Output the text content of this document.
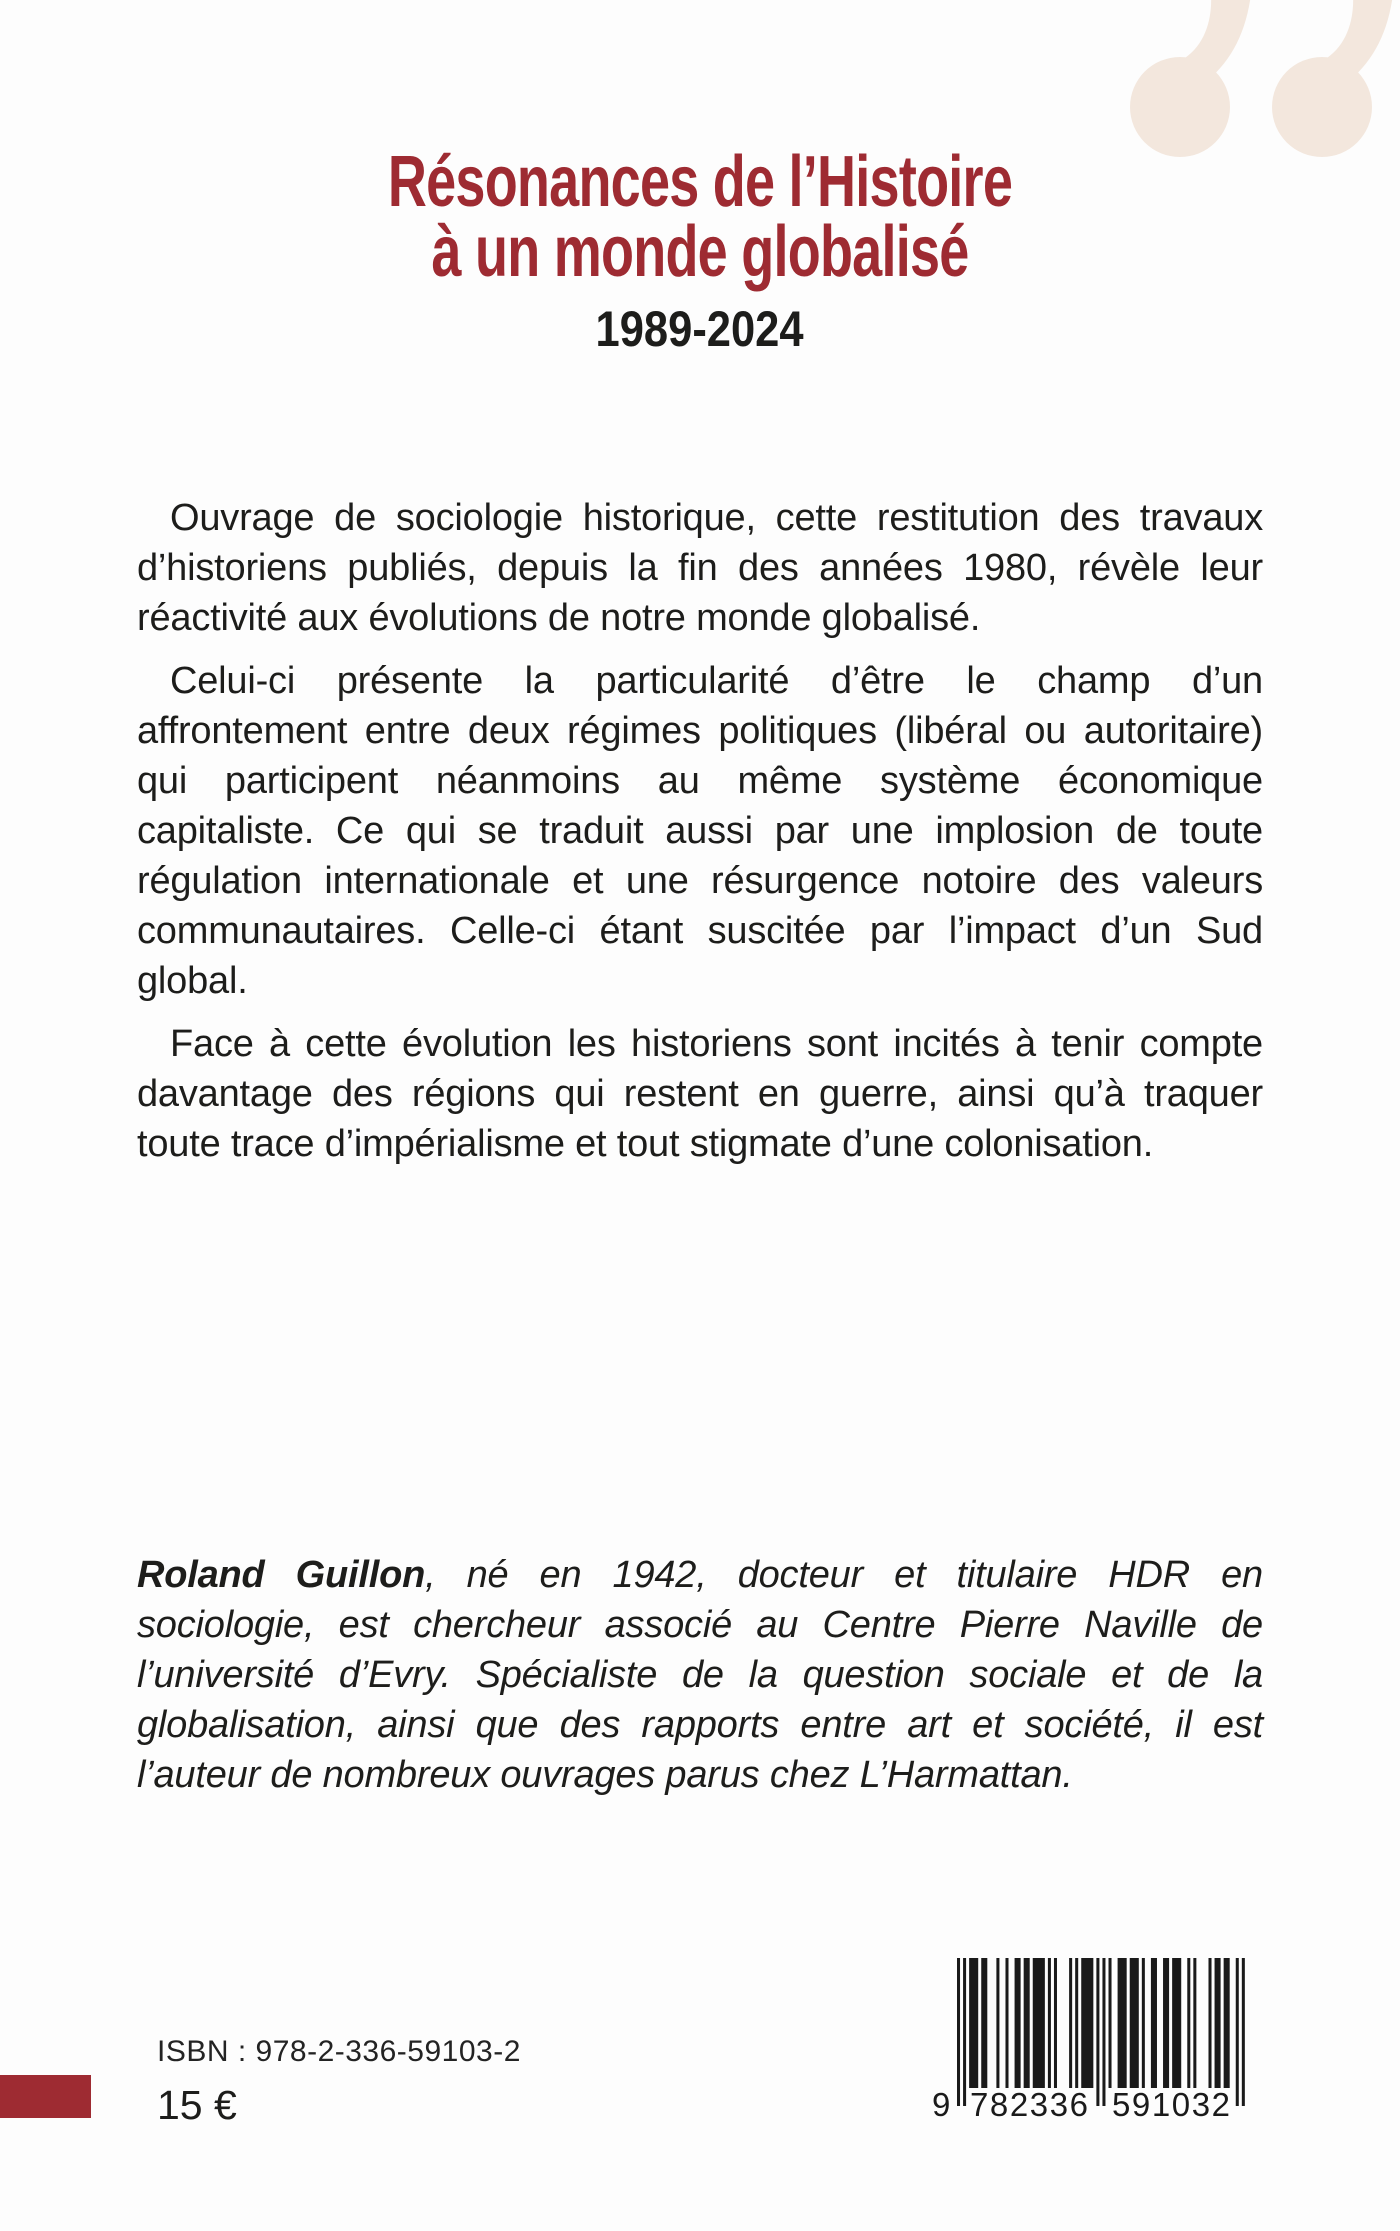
Résonances de l’Histoire
à un monde globalisé
1989-2024

Ouvrage de sociologie historique, cette restitution des travaux d’historiens publiés, depuis la fin des années 1980, révèle leur réactivité aux évolutions de notre monde globalisé.

Celui-ci présente la particularité d’être le champ d’un affrontement entre deux régimes politiques (libéral ou autoritaire) qui participent néanmoins au même système économique capitaliste. Ce qui se traduit aussi par une implosion de toute régulation internationale et une résurgence notoire des valeurs communautaires. Celle-ci étant suscitée par l’impact d’un Sud global.

Face à cette évolution les historiens sont incités à tenir compte davantage des régions qui restent en guerre, ainsi qu’à traquer toute trace d’impérialisme et tout stigmate d’une colonisation.

Roland Guillon, né en 1942, docteur et titulaire HDR en sociologie, est chercheur associé au Centre Pierre Naville de l’université d’Evry. Spécialiste de la question sociale et de la globalisation, ainsi que des rapports entre art et société, il est l’auteur de nombreux ouvrages parus chez L’Harmattan.

ISBN : 978-2-336-59103-2
15 €	9 782336 591032
